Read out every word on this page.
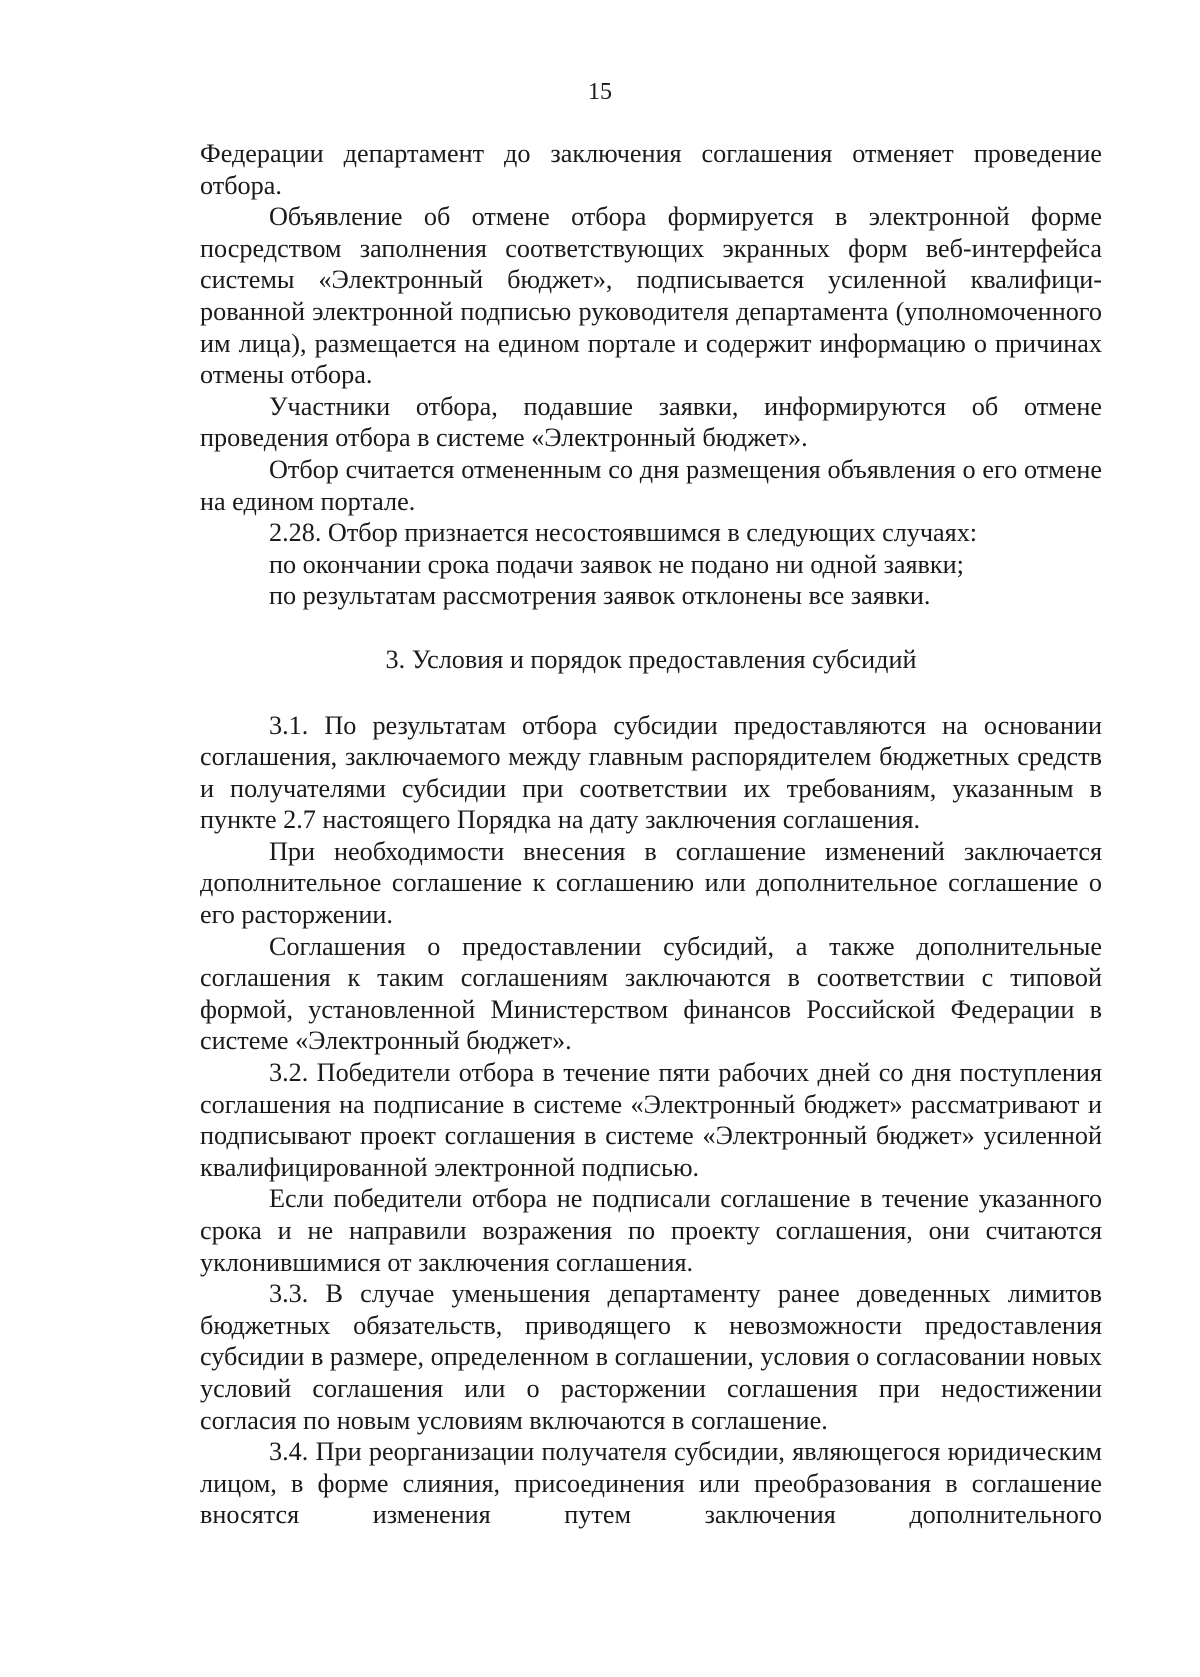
15

Федерации департамент до заключения соглашения отменяет проведение отбора.

Объявление об отмене отбора формируется в электронной форме посредством заполнения соответствующих экранных форм веб-интерфейса системы «Электронный бюджет», подписывается усиленной квалифицированной электронной подписью руководителя департамента (уполномоченного им лица), размещается на едином портале и содержит информацию о причинах отмены отбора.

Участники отбора, подавшие заявки, информируются об отмене проведения отбора в системе «Электронный бюджет».

Отбор считается отмененным со дня размещения объявления о его отмене на едином портале.

2.28. Отбор признается несостоявшимся в следующих случаях:

по окончании срока подачи заявок не подано ни одной заявки;

по результатам рассмотрения заявок отклонены все заявки.

3. Условия и порядок предоставления субсидий

3.1. По результатам отбора субсидии предоставляются на основании соглашения, заключаемого между главным распорядителем бюджетных средств и получателями субсидии при соответствии их требованиям, указанным в пункте 2.7 настоящего Порядка на дату заключения соглашения.

При необходимости внесения в соглашение изменений заключается дополнительное соглашение к соглашению или дополнительное соглашение о его расторжении.

Соглашения о предоставлении субсидий, а также дополнительные соглашения к таким соглашениям заключаются в соответствии с типовой формой, установленной Министерством финансов Российской Федерации в системе «Электронный бюджет».

3.2. Победители отбора в течение пяти рабочих дней со дня поступления соглашения на подписание в системе «Электронный бюджет» рассматривают и подписывают проект соглашения в системе «Электронный бюджет» усиленной квалифицированной электронной подписью.

Если победители отбора не подписали соглашение в течение указанного срока и не направили возражения по проекту соглашения, они считаются уклонившимися от заключения соглашения.

3.3. В случае уменьшения департаменту ранее доведенных лимитов бюджетных обязательств, приводящего к невозможности предоставления субсидии в размере, определенном в соглашении, условия о согласовании новых условий соглашения или о расторжении соглашения при недостижении согласия по новым условиям включаются в соглашение.

3.4. При реорганизации получателя субсидии, являющегося юридическим лицом, в форме слияния, присоединения или преобразования в соглашение вносятся изменения путем заключения дополнительного
